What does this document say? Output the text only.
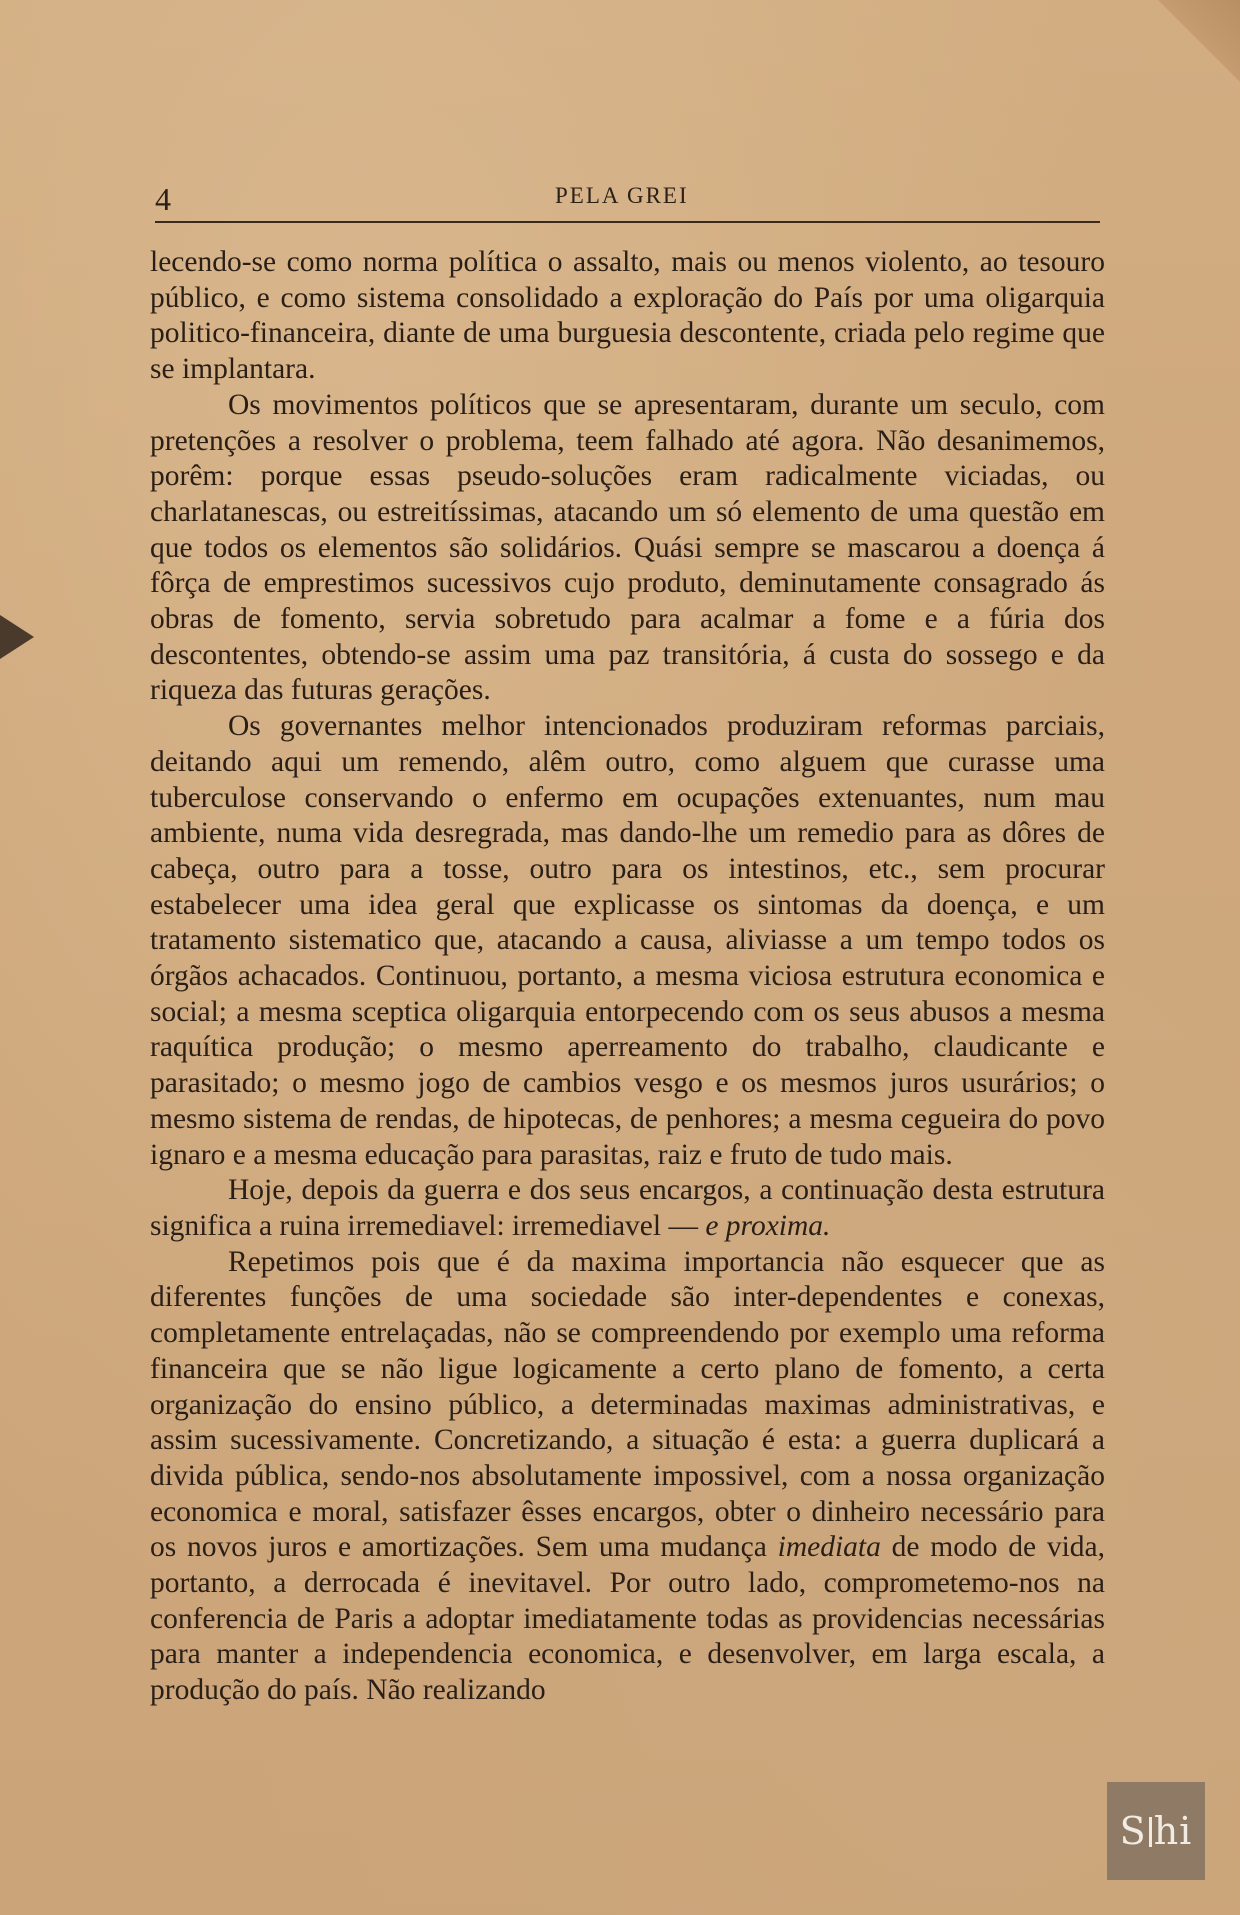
4	PELA GREI

lecendo-se como norma política o assalto, mais ou menos violento, ao tesouro público, e como sistema consolidado a exploração do País por uma oligarquia politico-financeira, diante de uma burguesia descontente, criada pelo regime que se implantara.

Os movimentos políticos que se apresentaram, durante um seculo, com pretenções a resolver o problema, teem falhado até agora. Não desanimemos, porêm: porque essas pseudo-soluções eram radicalmente viciadas, ou charlatanescas, ou estreitíssimas, atacando um só elemento de uma questão em que todos os elementos são solidários. Quási sempre se mascarou a doença á fôrça de emprestimos sucessivos cujo produto, deminutamente consagrado ás obras de fomento, servia sobretudo para acalmar a fome e a fúria dos descontentes, obtendo-se assim uma paz transitória, á custa do sossego e da riqueza das futuras gerações.

Os governantes melhor intencionados produziram reformas parciais, deitando aqui um remendo, alêm outro, como alguem que curasse uma tuberculose conservando o enfermo em ocupações extenuantes, num mau ambiente, numa vida desregrada, mas dando-lhe um remedio para as dôres de cabeça, outro para a tosse, outro para os intestinos, etc., sem procurar estabelecer uma idea geral que explicasse os sintomas da doença, e um tratamento sistematico que, atacando a causa, aliviasse a um tempo todos os órgãos achacados. Continuou, portanto, a mesma viciosa estrutura economica e social; a mesma sceptica oligarquia entorpecendo com os seus abusos a mesma raquítica produção; o mesmo aperreamento do trabalho, claudicante e parasitado; o mesmo jogo de cambios vesgo e os mesmos juros usurários; o mesmo sistema de rendas, de hipotecas, de penhores; a mesma cegueira do povo ignaro e a mesma educação para parasitas, raiz e fruto de tudo mais.

Hoje, depois da guerra e dos seus encargos, a continuação desta estrutura significa a ruina irremediavel: irremediavel — e proxima.

Repetimos pois que é da maxima importancia não esquecer que as diferentes funções de uma sociedade são inter-dependentes e conexas, completamente entrelaçadas, não se compreendendo por exemplo uma reforma financeira que se não ligue logicamente a certo plano de fomento, a certa organização do ensino público, a determinadas maximas administrativas, e assim sucessivamente. Concretizando, a situação é esta: a guerra duplicará a divida pública, sendo-nos absolutamente impossivel, com a nossa organização economica e moral, satisfazer êsses encargos, obter o dinheiro necessário para os novos juros e amortizações. Sem uma mudança imediata de modo de vida, portanto, a derrocada é inevitavel. Por outro lado, comprometemo-nos na conferencia de Paris a adoptar imediatamente todas as providencias necessárias para manter a independencia economica, e desenvolver, em larga escala, a produção do país. Não realizando

S hi
